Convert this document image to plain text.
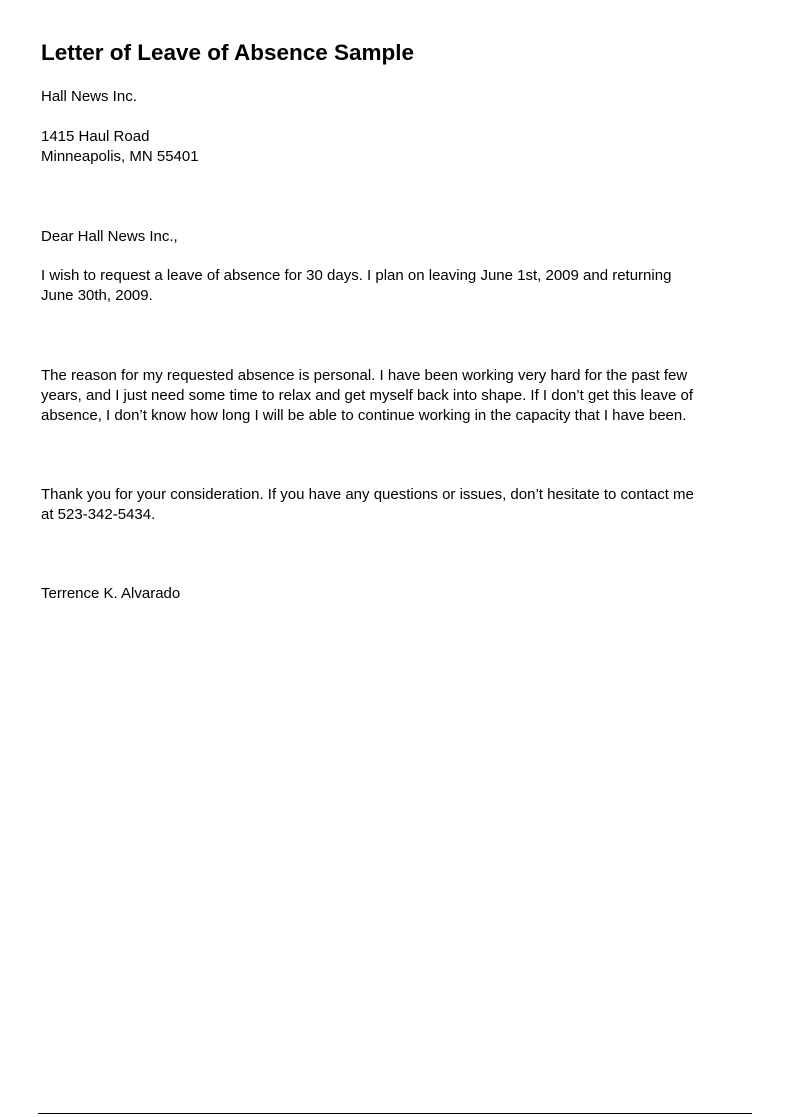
Letter of Leave of Absence Sample

Hall News Inc.

1415 Haul Road

Minneapolis, MN 55401

Dear Hall News Inc.,

I wish to request a leave of absence for 30 days. I plan on leaving June 1st, 2009 and returning
June 30th, 2009.

The reason for my requested absence is personal. I have been working very hard for the past few
years, and I just need some time to relax and get myself back into shape. If I don’t get this leave of
absence, I don’t know how long I will be able to continue working in the capacity that I have been.

Thank you for your consideration. If you have any questions or issues, don’t hesitate to contact me
at 523-342-5434.

Terrence K. Alvarado
